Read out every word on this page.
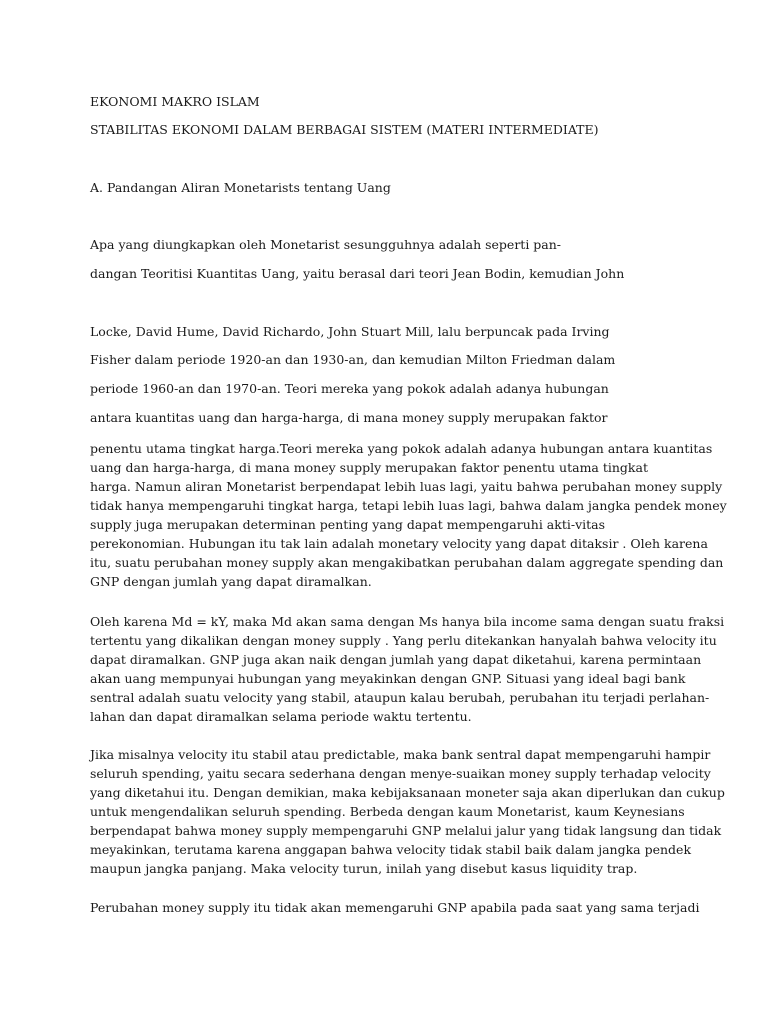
EKONOMI MAKRO ISLAM
STABILITAS EKONOMI DALAM BERBAGAI SISTEM (MATERI INTERMEDIATE)
A. Pandangan Aliran Monetarists tentang Uang
Apa yang diungkapkan oleh Monetarist sesungguhnya adalah seperti pan-
dangan Teoritisi Kuantitas Uang, yaitu berasal dari teori Jean Bodin, kemudian John
Locke, David Hume, David Richardo, John Stuart Mill, lalu berpuncak pada Irving
Fisher dalam periode 1920-an dan 1930-an, dan kemudian Milton Friedman dalam
periode 1960-an dan 1970-an. Teori mereka yang pokok adalah adanya hubungan
antara kuantitas uang dan harga-harga, di mana money supply merupakan faktor
penentu utama tingkat harga.Teori mereka yang pokok adalah adanya hubungan antara kuantitas
uang dan harga-harga, di mana money supply merupakan faktor penentu utama tingkat
harga. Namun aliran Monetarist berpendapat lebih luas lagi, yaitu bahwa perubahan money supply
tidak hanya mempengaruhi tingkat harga, tetapi lebih luas lagi, bahwa dalam jangka pendek money
supply juga merupakan determinan penting yang dapat mempengaruhi akti-vitas
perekonomian. Hubungan itu tak lain adalah monetary velocity yang dapat ditaksir . Oleh karena
itu, suatu perubahan money supply akan mengakibatkan perubahan dalam aggregate spending dan
GNP dengan jumlah yang dapat diramalkan.
Oleh karena Md = kY, maka Md akan sama dengan Ms hanya bila income sama dengan suatu fraksi
tertentu yang dikalikan dengan money supply . Yang perlu ditekankan hanyalah bahwa velocity itu
dapat diramalkan. GNP juga akan naik dengan jumlah yang dapat diketahui, karena permintaan
akan uang mempunyai hubungan yang meyakinkan dengan GNP. Situasi yang ideal bagi bank
sentral adalah suatu velocity yang stabil, ataupun kalau berubah, perubahan itu terjadi perlahan-
lahan dan dapat diramalkan selama periode waktu tertentu.
Jika misalnya velocity itu stabil atau predictable, maka bank sentral dapat mempengaruhi hampir
seluruh spending, yaitu secara sederhana dengan menye-suaikan money supply terhadap velocity
yang diketahui itu. Dengan demikian, maka kebijaksanaan moneter saja akan diperlukan dan cukup
untuk mengendalikan seluruh spending. Berbeda dengan kaum Monetarist, kaum Keynesians
berpendapat bahwa money supply mempengaruhi GNP melalui jalur yang tidak langsung dan tidak
meyakinkan, terutama karena anggapan bahwa velocity tidak stabil baik dalam jangka pendek
maupun jangka panjang. Maka velocity turun, inilah yang disebut kasus liquidity trap.
Perubahan money supply itu tidak akan memengaruhi GNP apabila pada saat yang sama terjadi
